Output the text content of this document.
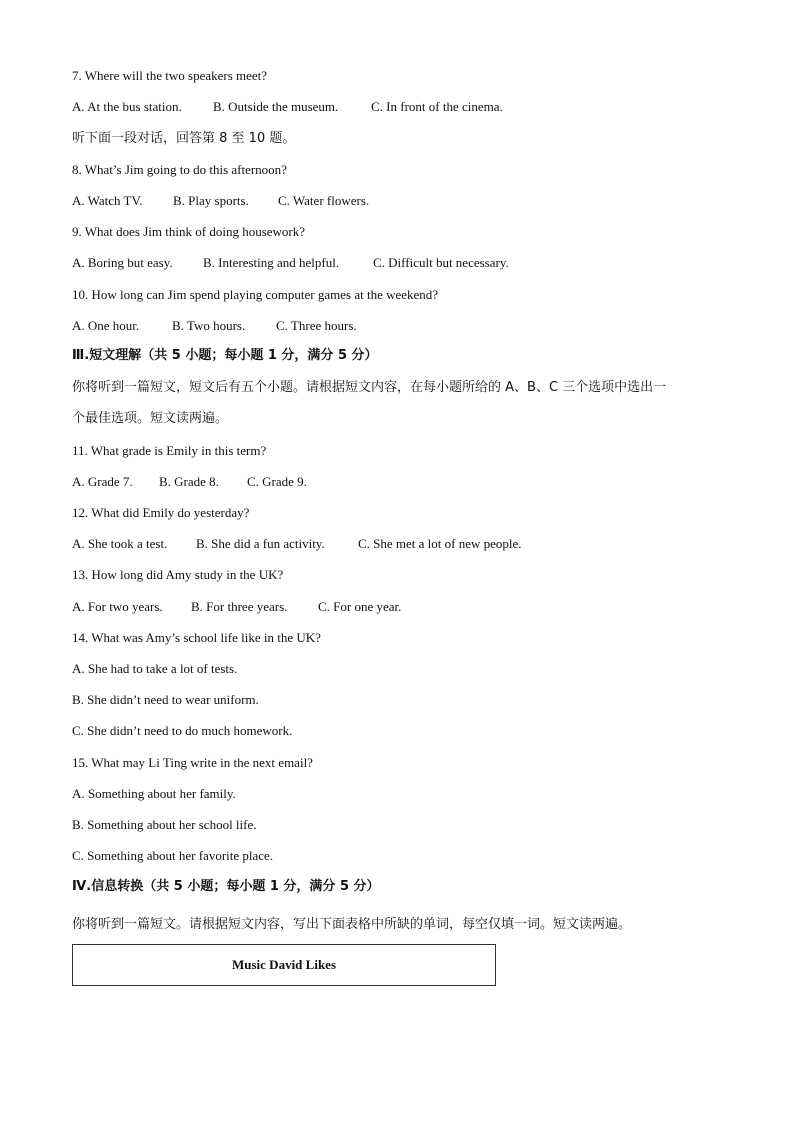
7. Where will the two speakers meet?
A. At the bus station. B. Outside the museum.	C. In front of the cinema.
听下面一段对话，回答第 8 至 10 题。
8. What’s Jim going to do this afternoon?
A. Watch TV. B. Play sports. C. Water flowers.
9. What does Jim think of doing housework?
A. Boring but easy. B. Interesting and helpful.	C. Difficult but necessary.
10. How long can Jim spend playing computer games at the weekend?
A. One hour.	B. Two hours. C. Three hours.
Ⅲ.短文理解（共 5 小题；每小题 1 分，满分 5 分）
你将听到一篇短文，短文后有五个小题。请根据短文内容，在每小题所给的 A、B、C 三个选项中选出一
个最佳选项。短文读两遍。
11. What grade is Emily in this term?
A. Grade 7. B. Grade 8. C. Grade 9.
12. What did Emily do yesterday?
A. She took a test. B. She did a fun activity.	C. She met a lot of new people.
13. How long did Amy study in the UK?
A. For two years. B. For three years. C. For one year.
14. What was Amy’s school life like in the UK?
A. She had to take a lot of tests.
B. She didn’t need to wear uniform.
C. She didn’t need to do much homework.
15. What may Li Ting write in the next email?
A. Something about her family.
B. Something about her school life.
C. Something about her favorite place.
Ⅳ.信息转换（共 5 小题；每小题 1 分，满分 5 分）
你将听到一篇短文。请根据短文内容，写出下面表格中所缺的单词，每空仅填一词。短文读两遍。
Music David Likes
